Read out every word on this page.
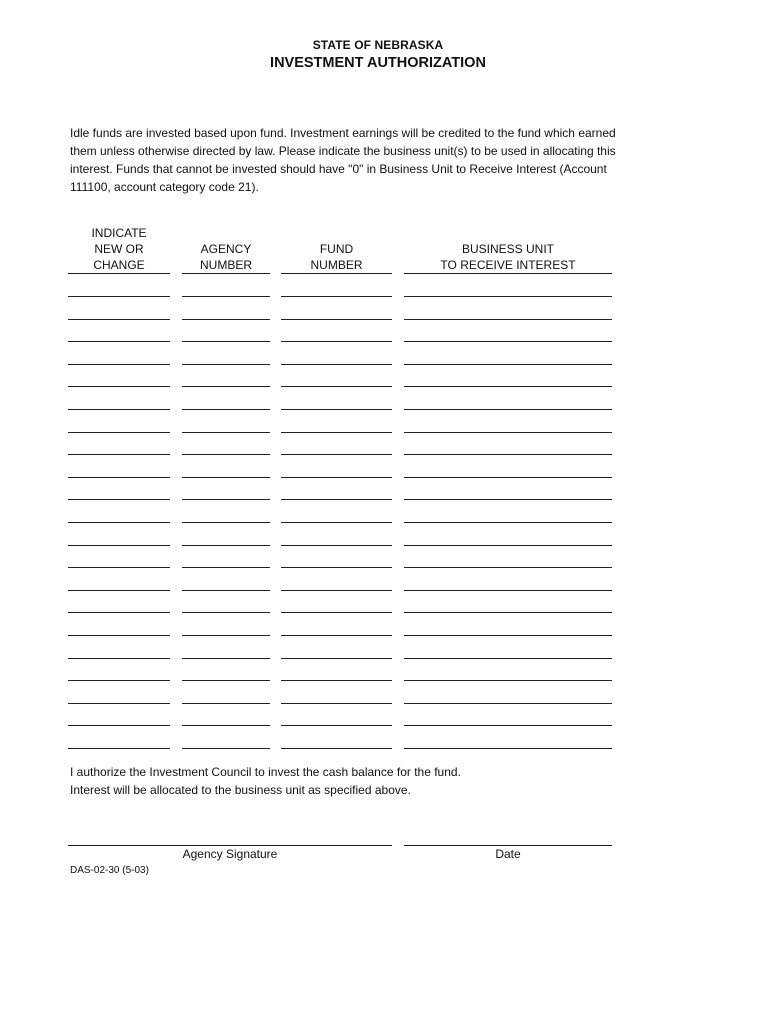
STATE OF NEBRASKA
INVESTMENT AUTHORIZATION
Idle funds are invested based upon fund. Investment earnings will be credited to the fund which earned
them unless otherwise directed by law. Please indicate the business unit(s) to be used in allocating this
interest. Funds that cannot be invested should have "0" in Business Unit to Receive Interest (Account
111100, account category code 21).
INDICATE
NEW OR
CHANGE
AGENCY
NUMBER
FUND
NUMBER
BUSINESS UNIT
TO RECEIVE INTEREST
I authorize the Investment Council to invest the cash balance for the fund.
Interest will be allocated to the business unit as specified above.
Agency Signature	Date
DAS-02-30 (5-03)
